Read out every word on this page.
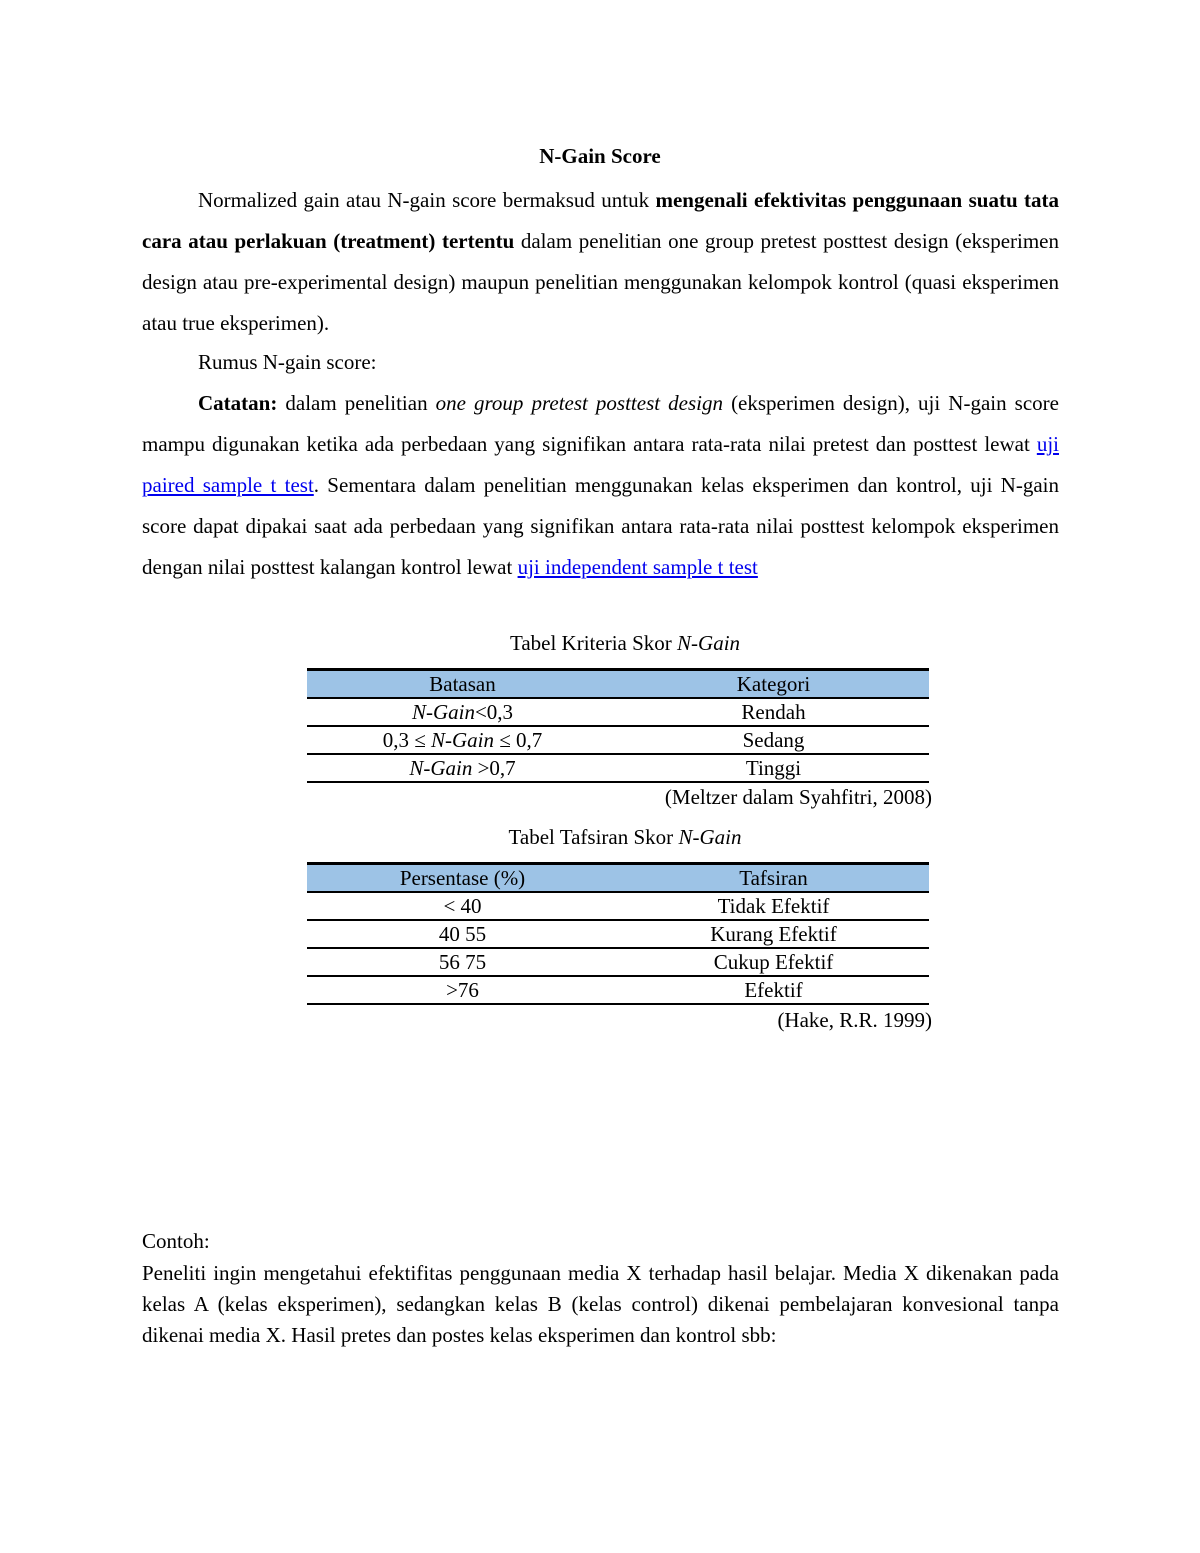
N-Gain Score
Normalized gain atau N-gain score bermaksud untuk mengenali efektivitas penggunaan suatu tata cara atau perlakuan (treatment) tertentu dalam penelitian one group pretest posttest design (eksperimen design atau pre-experimental design) maupun penelitian menggunakan kelompok kontrol (quasi eksperimen atau true eksperimen).
Rumus N-gain score:
Catatan: dalam penelitian one group pretest posttest design (eksperimen design), uji N-gain score mampu digunakan ketika ada perbedaan yang signifikan antara rata-rata nilai pretest dan posttest lewat uji paired sample t test. Sementara dalam penelitian menggunakan kelas eksperimen dan kontrol, uji N-gain score dapat dipakai saat ada perbedaan yang signifikan antara rata-rata nilai posttest kelompok eksperimen dengan nilai posttest kalangan kontrol lewat uji independent sample t test
Tabel Kriteria Skor N-Gain
Batasan	Kategori
N-Gain<0,3	Rendah
0,3 ≤ N-Gain ≤ 0,7	Sedang
N-Gain >0,7	Tinggi
(Meltzer dalam Syahfitri, 2008)
Tabel Tafsiran Skor N-Gain
Persentase (%)	Tafsiran
< 40	Tidak Efektif
40 55	Kurang Efektif
56 75	Cukup Efektif
>76	Efektif
(Hake, R.R. 1999)
Contoh:
Peneliti ingin mengetahui efektifitas penggunaan media X terhadap hasil belajar. Media X dikenakan pada kelas A (kelas eksperimen), sedangkan kelas B (kelas control) dikenai pembelajaran konvesional tanpa dikenai media X. Hasil pretes dan postes kelas eksperimen dan kontrol sbb:
